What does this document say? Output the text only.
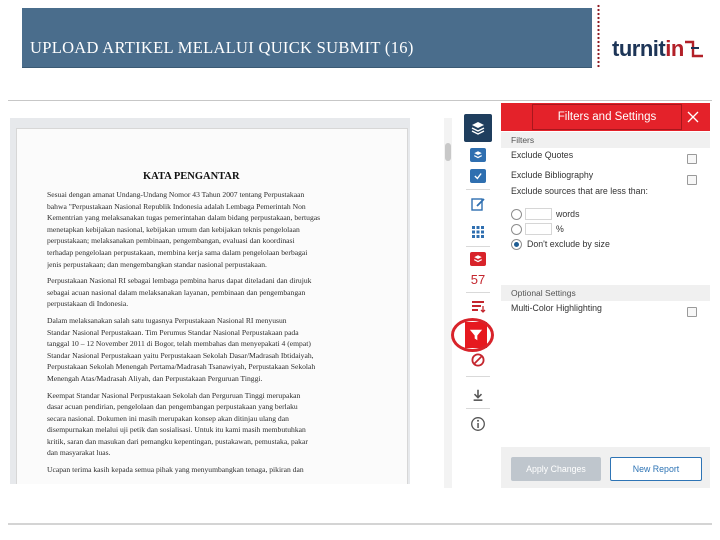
UPLOAD ARTIKEL MELALUI QUICK SUBMIT (16)	turnitin
KATA PENGANTAR
Sesuai dengan amanat Undang-Undang Nomor 43 Tahun 2007 tentang Perpustakaan
bahwa "Perpustakaan Nasional Republik Indonesia adalah Lembaga Pemerintah Non
Kementrian yang melaksanakan tugas pemerintahan dalam bidang perpustakaan, bertugas
menetapkan kebijakan nasional, kebijakan umum dan kebijakan teknis pengelolaan
perpustakaan; melaksanakan pembinaan, pengembangan, evaluasi dan koordinasi
terhadap pengelolaan perpustakaan, membina kerja sama dalam pengelolaan berbagai
jenis perpustakaan; dan mengembangkan standar nasional perpustakaan.
Perpustakaan Nasional RI sebagai lembaga pembina harus dapat diteladani dan dirujuk
sebagai acuan nasional dalam melaksanakan layanan, pembinaan dan pengembangan
perpustakaan di Indonesia.
Dalam melaksanakan salah satu tugasnya Perpustakaan Nasional RI menyusun
Standar Nasional Perpustakaan. Tim Perumus Standar Nasional Perpustakaan pada
tanggal 10 – 12 November 2011 di Bogor, telah membahas dan menyepakati 4 (empat)
Standar Nasional Perpustakaan yaitu Perpustakaan Sekolah Dasar/Madrasah Ibtidaiyah,
Perpustakaan Sekolah Menengah Pertama/Madrasah Tsanawiyah, Perpustakaan Sekolah
Menengah Atas/Madrasah Aliyah, dan Perpustakaan Perguruan Tinggi.
Keempat Standar Nasional Perpustakaan Sekolah dan Perguruan Tinggi merupakan
dasar acuan pendirian, pengelolaan dan pengembangan perpustakaan yang berlaku
secara nasional. Dokumen ini masih merupakan konsep akan ditinjau ulang dan
disempurnakan melalui uji petik dan sosialisasi. Untuk itu kami masih membutuhkan
kritik, saran dan masukan dari pemangku kepentingan, pustakawan, pemustaka, pakar
dan masyarakat luas.
Ucapan terima kasih kepada semua pihak yang menyumbangkan tenaga, pikiran dan
57
Filters and Settings
Filters
Exclude Quotes
Exclude Bibliography
Exclude sources that are less than:
words
%
Don't exclude by size
Optional Settings
Multi-Color Highlighting
Apply Changes	New Report
